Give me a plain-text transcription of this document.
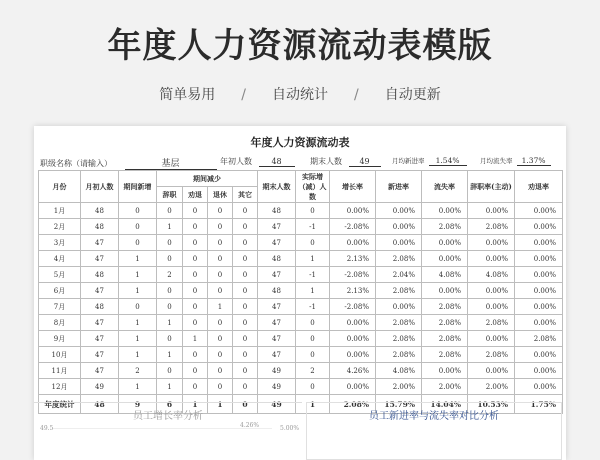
年度人力资源流动表模版
简单易用 / 自动统计 / 自动更新
年度人力资源流动表
职级名称（请输入）	基层	年初人数 48	期末人数 49	月均新进率 1.54%	月均流失率 1.37%
月份	月初人数	期间新增	期间减少				期末人数	实际增（减）人数	增长率	新进率	流失率	辞职率(主动)	劝退率
			辞职	劝退	退休	其它							
1月	48	0	0	0	0	0	48	0	0.00%	0.00%	0.00%	0.00%	0.00%
2月	48	0	1	0	0	0	47	-1	-2.08%	0.00%	2.08%	2.08%	0.00%
3月	47	0	0	0	0	0	47	0	0.00%	0.00%	0.00%	0.00%	0.00%
4月	47	1	0	0	0	0	48	1	2.13%	2.08%	0.00%	0.00%	0.00%
5月	48	1	2	0	0	0	47	-1	-2.08%	2.04%	4.08%	4.08%	0.00%
6月	47	1	0	0	0	0	48	1	2.13%	2.08%	0.00%	0.00%	0.00%
7月	48	0	0	0	1	0	47	-1	-2.08%	0.00%	2.08%	0.00%	0.00%
8月	47	1	1	0	0	0	47	0	0.00%	2.08%	2.08%	2.08%	0.00%
9月	47	1	0	1	0	0	47	0	0.00%	2.08%	2.08%	0.00%	2.08%
10月	47	1	1	0	0	0	47	0	0.00%	2.08%	2.08%	2.08%	0.00%
11月	47	2	0	0	0	0	49	2	4.26%	4.08%	0.00%	0.00%	0.00%
12月	49	1	1	0	0	0	49	0	0.00%	2.00%	2.00%	2.00%	0.00%
年度统计	48	9	6	1	1	0	49	1	2.08%	15.79%	14.04%	10.53%	1.75%
员工增长率分析
49.5	4.26%	5.00%
员工新进率与流失率对比分析
